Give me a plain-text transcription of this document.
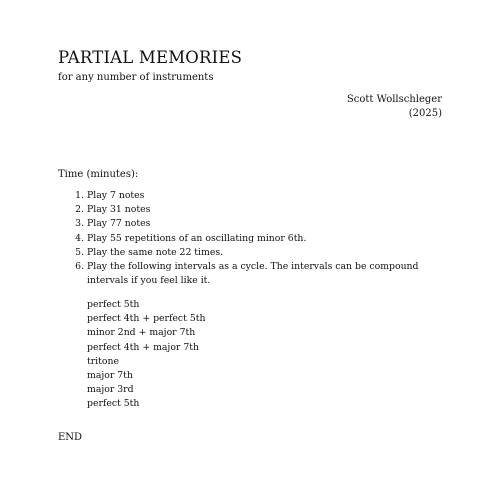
PARTIAL MEMORIES
for any number of instruments
Scott Wollschleger
(2025)
Time (minutes):
1. Play 7 notes
2. Play 31 notes
3. Play 77 notes
4. Play 55 repetitions of an oscillating minor 6th.
5. Play the same note 22 times.
6. Play the following intervals as a cycle. The intervals can be compound intervals if you feel like it.
perfect 5th
perfect 4th + perfect 5th
minor 2nd + major 7th
perfect 4th + major 7th
tritone
major 7th
major 3rd
perfect 5th
END
